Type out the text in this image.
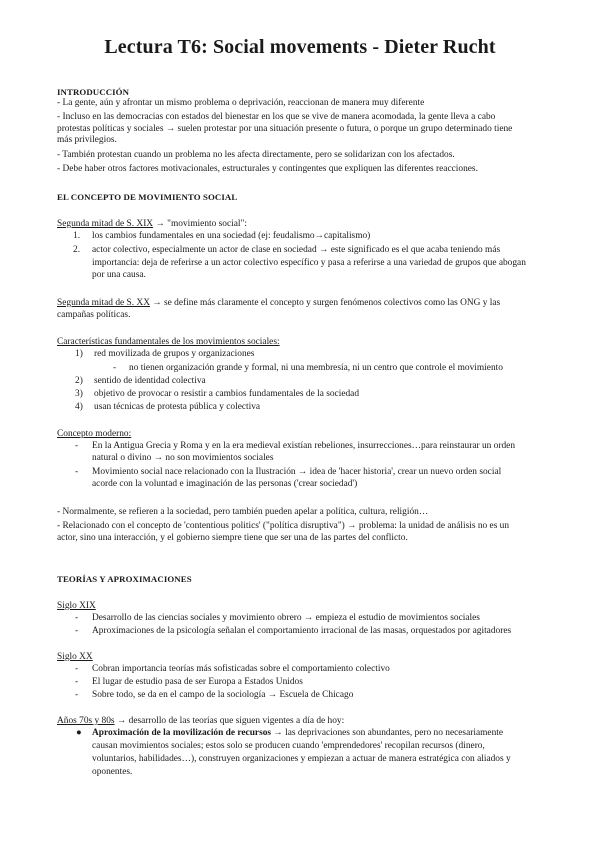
Lectura T6: Social movements - Dieter Rucht
INTRODUCCIÓN
- La gente, aún y afrontar un mismo problema o deprivación, reaccionan de manera muy diferente
- Incluso en las democracias con estados del bienestar en los que se vive de manera acomodada, la gente lleva a cabo
protestas políticas y sociales → suelen protestar por una situación presente o futura, o porque un grupo determinado tiene
más privilegios.
- También protestan cuando un problema no les afecta directamente, pero se solidarizan con los afectados.
- Debe haber otros factores motivacionales, estructurales y contingentes que expliquen las diferentes reacciones.
EL CONCEPTO DE MOVIMIENTO SOCIAL
Segunda mitad de S. XIX → "movimiento social":
1. los cambios fundamentales en una sociedad (ej: feudalismo→capitalismo)
2. actor colectivo, especialmente un actor de clase en sociedad → este significado es el que acaba teniendo más
importancia: deja de referirse a un actor colectivo específico y pasa a referirse a una variedad de grupos que abogan
por una causa.
Segunda mitad de S. XX → se define más claramente el concepto y surgen fenómenos colectivos como las ONG y las
campañas políticas.
Características fundamentales de los movimientos sociales:
1) red movilizada de grupos y organizaciones
- no tienen organización grande y formal, ni una membresía, ni un centro que controle el movimiento
2) sentido de identidad colectiva
3) objetivo de provocar o resistir a cambios fundamentales de la sociedad
4) usan técnicas de protesta pública y colectiva
Concepto moderno:
- En la Antigua Grecia y Roma y en la era medieval existían rebeliones, insurrecciones…para reinstaurar un orden
natural o divino → no son movimientos sociales
- Movimiento social nace relacionado con la Ilustración → idea de 'hacer historia', crear un nuevo orden social
acorde con la voluntad e imaginación de las personas ('crear sociedad')
- Normalmente, se refieren a la sociedad, pero también pueden apelar a política, cultura, religión…
- Relacionado con el concepto de 'contentious politics' ("política disruptiva") → problema: la unidad de análisis no es un
actor, sino una interacción, y el gobierno siempre tiene que ser una de las partes del conflicto.
TEORÍAS Y APROXIMACIONES
Siglo XIX
- Desarrollo de las ciencias sociales y movimiento obrero → empieza el estudio de movimientos sociales
- Aproximaciones de la psicología señalan el comportamiento irracional de las masas, orquestados por agitadores
Siglo XX
- Cobran importancia teorías más sofisticadas sobre el comportamiento colectivo
- El lugar de estudio pasa de ser Europa a Estados Unidos
- Sobre todo, se da en el campo de la sociología → Escuela de Chicago
Años 70s y 80s → desarrollo de las teorías que siguen vigentes a día de hoy:
● Aproximación de la movilización de recursos → las deprivaciones son abundantes, pero no necesariamente
causan movimientos sociales; estos solo se producen cuando 'emprendedores' recopilan recursos (dinero,
voluntarios, habilidades…), construyen organizaciones y empiezan a actuar de manera estratégica con aliados y
oponentes.
